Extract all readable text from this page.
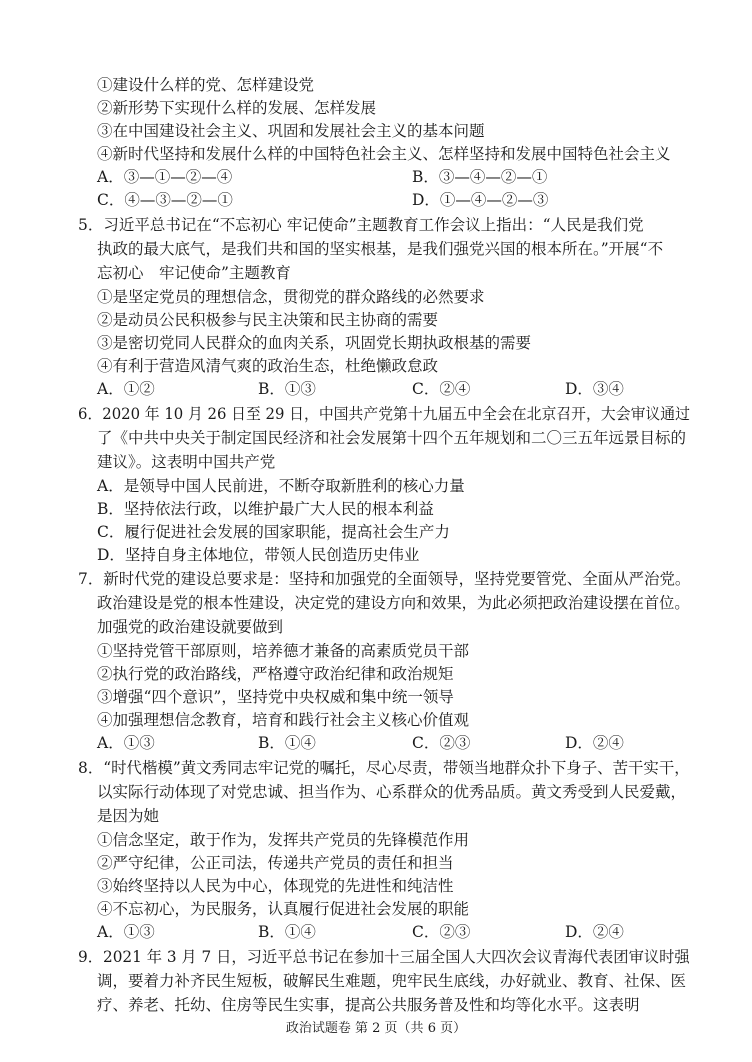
①建设什么样的党、怎样建设党
②新形势下实现什么样的发展、怎样发展
③在中国建设社会主义、巩固和发展社会主义的基本问题
④新时代坚持和发展什么样的中国特色社会主义、怎样坚持和发展中国特色社会主义
A．③—①—②—④	B．③—④—②—①
C．④—③—②—①	D．①—④—②—③
5．习近平总书记在“不忘初心 牢记使命”主题教育工作会议上指出：“人民是我们党
执政的最大底气，是我们共和国的坚实根基，是我们强党兴国的根本所在。”开展“不
忘初心　牢记使命”主题教育
①是坚定党员的理想信念，贯彻党的群众路线的必然要求
②是动员公民积极参与民主决策和民主协商的需要
③是密切党同人民群众的血肉关系，巩固党长期执政根基的需要
④有利于营造风清气爽的政治生态，杜绝懒政怠政
A．①②	B．①③	C．②④	D．③④
6．2020 年 10 月 26 日至 29 日，中国共产党第十九届五中全会在北京召开，大会审议通过
了《中共中央关于制定国民经济和社会发展第十四个五年规划和二〇三五年远景目标的
建议》。这表明中国共产党
A．是领导中国人民前进，不断夺取新胜利的核心力量
B．坚持依法行政，以维护最广大人民的根本利益
C．履行促进社会发展的国家职能，提高社会生产力
D．坚持自身主体地位，带领人民创造历史伟业
7．新时代党的建设总要求是：坚持和加强党的全面领导，坚持党要管党、全面从严治党。
政治建设是党的根本性建设，决定党的建设方向和效果，为此必须把政治建设摆在首位。
加强党的政治建设就要做到
①坚持党管干部原则，培养德才兼备的高素质党员干部
②执行党的政治路线，严格遵守政治纪律和政治规矩
③增强“四个意识”，坚持党中央权威和集中统一领导
④加强理想信念教育，培育和践行社会主义核心价值观
A．①③	B．①④	C．②③	D．②④
8．“时代楷模”黄文秀同志牢记党的嘱托，尽心尽责，带领当地群众扑下身子、苦干实干，
以实际行动体现了对党忠诚、担当作为、心系群众的优秀品质。黄文秀受到人民爱戴，
是因为她
①信念坚定，敢于作为，发挥共产党员的先锋模范作用
②严守纪律，公正司法，传递共产党员的责任和担当
③始终坚持以人民为中心，体现党的先进性和纯洁性
④不忘初心，为民服务，认真履行促进社会发展的职能
A．①③	B．①④	C．②③	D．②④
9．2021 年 3 月 7 日，习近平总书记在参加十三届全国人大四次会议青海代表团审议时强
调，要着力补齐民生短板，破解民生难题，兜牢民生底线，办好就业、教育、社保、医
疗、养老、托幼、住房等民生实事，提高公共服务普及性和均等化水平。这表明
政治试题卷 第 2 页（共 6 页）
